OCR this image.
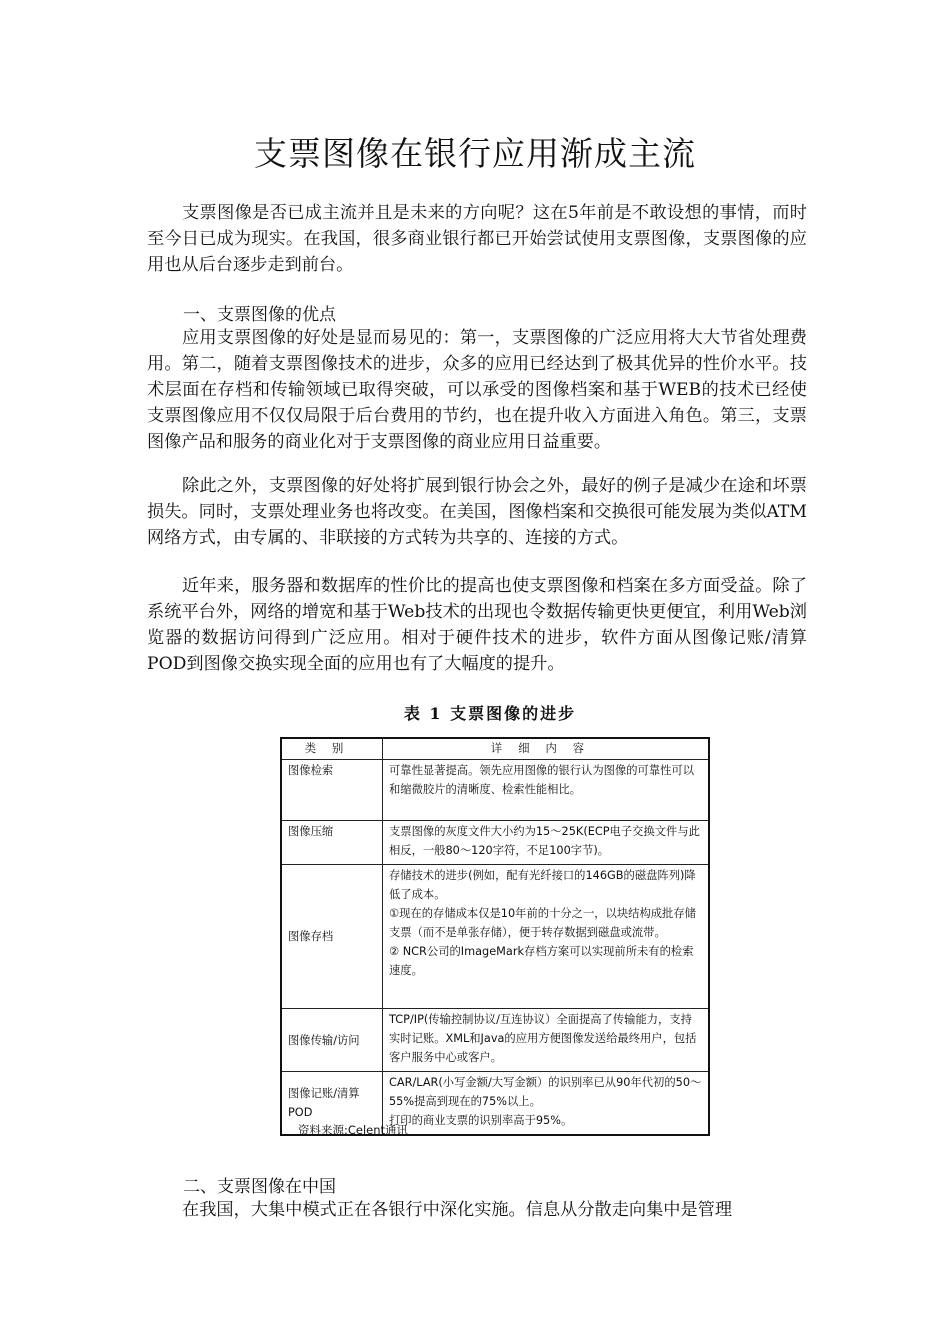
支票图像在银行应用渐成主流

支票图像是否已成主流并且是未来的方向呢？这在5年前是不敢设想的事情，而时至今日已成为现实。在我国，很多商业银行都已开始尝试使用支票图像，支票图像的应用也从后台逐步走到前台。

一、支票图像的优点

应用支票图像的好处是显而易见的：第一，支票图像的广泛应用将大大节省处理费用。第二，随着支票图像技术的进步，众多的应用已经达到了极其优异的性价水平。技术层面在存档和传输领域已取得突破，可以承受的图像档案和基于WEB的技术已经使支票图像应用不仅仅局限于后台费用的节约，也在提升收入方面进入角色。第三，支票图像产品和服务的商业化对于支票图像的商业应用日益重要。

除此之外，支票图像的好处将扩展到银行协会之外，最好的例子是减少在途和坏票损失。同时，支票处理业务也将改变。在美国，图像档案和交换很可能发展为类似ATM网络方式，由专属的、非联接的方式转为共享的、连接的方式。

近年来，服务器和数据库的性价比的提高也使支票图像和档案在多方面受益。除了系统平台外，网络的增宽和基于Web技术的出现也令数据传输更快更便宜，利用Web浏览器的数据访问得到广泛应用。相对于硬件技术的进步，软件方面从图像记账/清算POD到图像交换实现全面的应用也有了大幅度的提升。

表 1 支票图像的进步
类别	详细内容
图像检索	可靠性显著提高。领先应用图像的银行认为图像的可靠性可以和缩微胶片的清晰度、检索性能相比。
图像压缩	支票图像的灰度文件大小约为15～25K(ECP电子交换文件与此相反，一般80～120字符，不足100字节)。
图像存档	存储技术的进步(例如，配有光纤接口的146GB的磁盘阵列)降低了成本。
①现在的存储成本仅是10年前的十分之一，以块结构成批存储支票（而不是单张存储），便于转存数据到磁盘或流带。
② NCR公司的ImageMark存档方案可以实现前所未有的检索速度。
图像传输/访问	TCP/IP(传输控制协议/互连协议）全面提高了传输能力，支持实时记账。XML和Java的应用方便图像发送给最终用户，包括客户服务中心或客户。
图像记账/清算POD	CAR/LAR(小写金额/大写金额）的识别率已从90年代初的50～55%提高到现在的75%以上。
打印的商业支票的识别率高于95%。
资料来源:Celent通讯
二、支票图像在中国

在我国，大集中模式正在各银行中深化实施。信息从分散走向集中是管理
